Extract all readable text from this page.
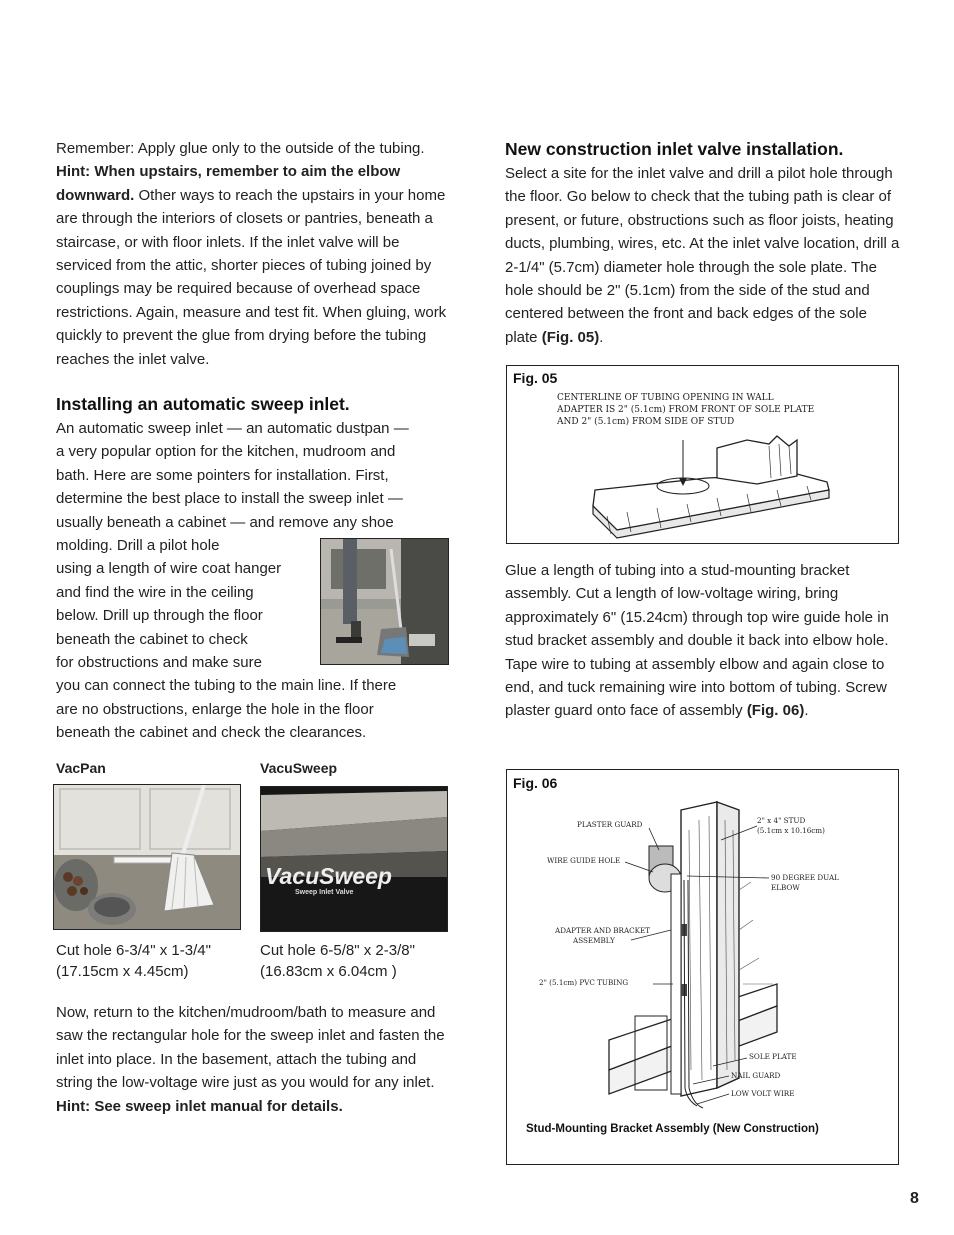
Remember: Apply glue only to the outside of the tubing.
Hint: When upstairs, remember to aim the elbow downward. Other ways to reach the upstairs in your home are through the interiors of closets or pantries, beneath a staircase, or with floor inlets. If the inlet valve will be serviced from the attic, shorter pieces of tubing joined by couplings may be required because of overhead space restrictions. Again, measure and test fit. When gluing, work quickly to prevent the glue from drying before the tubing reaches the inlet valve.

Installing an automatic sweep inlet.
An automatic sweep inlet — an automatic dustpan —
a very popular option for the kitchen, mudroom and
bath. Here are some pointers for installation. First,
determine the best place to install the sweep inlet —
usually beneath a cabinet — and remove any shoe
molding. Drill a pilot hole
using a length of wire coat hanger
and find the wire in the ceiling
below. Drill up through the floor
beneath the cabinet to check
for obstructions and make sure
you can connect the tubing to the main line. If there
are no obstructions, enlarge the hole in the floor
beneath the cabinet and check the clearances.
VacPan	VacuSweep
VacuSweep
Sweep Inlet Valve
Cut hole 6-3/4" x 1-3/4"
(17.15cm x 4.45cm)
Cut hole 6-5/8" x 2-3/8"
(16.83cm x 6.04cm )

Now, return to the kitchen/mudroom/bath to measure and saw the rectangular hole for the sweep inlet and fasten the inlet into place. In the basement, attach the tubing and string the low-voltage wire just as you would for any inlet. Hint: See sweep inlet manual for details.

New construction inlet valve installation.

Select a site for the inlet valve and drill a pilot hole through the floor. Go below to check that the tubing path is clear of present, or future, obstructions such as floor joists, heating ducts, plumbing, wires, etc. At the inlet valve location, drill a 2-1/4" (5.7cm) diameter hole through the sole plate. The hole should be 2" (5.1cm) from the side of the stud and centered between the front and back edges of the sole plate (Fig. 05).

Fig. 05
CENTERLINE OF TUBING OPENING IN WALL
ADAPTER IS 2" (5.1cm) FROM FRONT OF SOLE PLATE
AND 2" (5.1cm) FROM SIDE OF STUD

Glue a length of tubing into a stud-mounting bracket assembly. Cut a length of low-voltage wiring, bring approximately 6" (15.24cm) through top wire guide hole in stud bracket assembly and double it back into elbow hole. Tape wire to tubing at assembly elbow and again close to end, and tuck remaining wire into bottom of tubing. Screw plaster guard onto face of assembly (Fig. 06).

Fig. 06
PLASTER GUARD
WIRE GUIDE HOLE
ADAPTER AND BRACKET
ASSEMBLY
2" (5.1cm) PVC TUBING
2" x 4" STUD
(5.1cm x 10.16cm)
90 DEGREE DUAL
ELBOW
SOLE PLATE
NAIL GUARD
LOW VOLT WIRE
Stud-Mounting Bracket Assembly (New Construction)
8
